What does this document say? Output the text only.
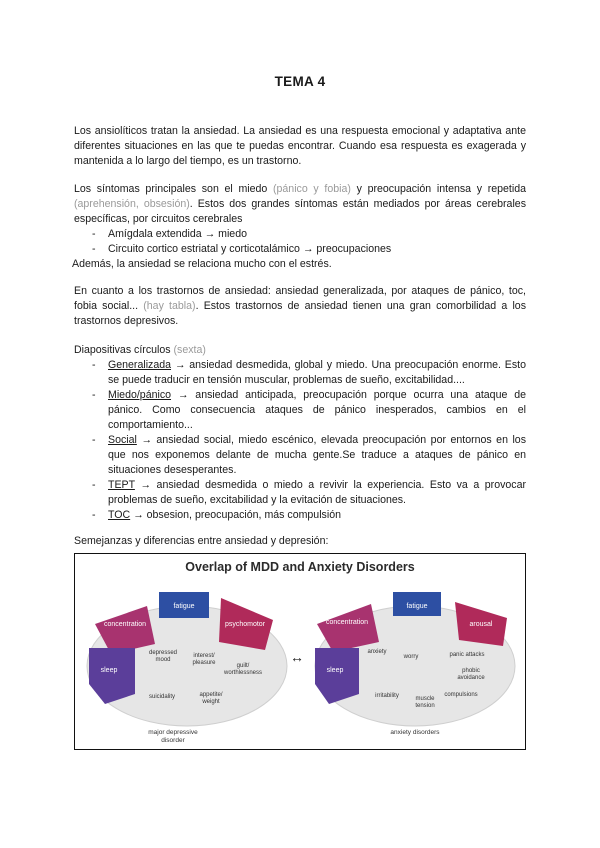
TEMA 4
Los ansiolíticos tratan la ansiedad. La ansiedad es una respuesta emocional y adaptativa ante diferentes situaciones en las que te puedas encontrar. Cuando esa respuesta es exagerada y mantenida a lo largo del tiempo, es un trastorno.
Los síntomas principales son el miedo (pánico y fobia) y preocupación intensa y repetida (aprehensión, obsesión). Estos dos grandes síntomas están mediados por áreas cerebrales específicas, por circuitos cerebrales
- Amígdala extendida → miedo
- Circuito cortico estriatal y corticotalámico → preocupaciones
Además, la ansiedad se relaciona mucho con el estrés.
En cuanto a los trastornos de ansiedad: ansiedad generalizada, por ataques de pánico, toc, fobia social... (hay tabla). Estos trastornos de ansiedad tienen una gran comorbilidad a los trastornos depresivos.
Diapositivas círculos (sexta)
- Generalizada → ansiedad desmedida, global y miedo. Una preocupación enorme. Esto se puede traducir en tensión muscular, problemas de sueño, excitabilidad....
- Miedo/pánico → ansiedad anticipada, preocupación porque ocurra una ataque de pánico. Como consecuencia ataques de pánico inesperados, cambios en el comportamiento...
- Social → ansiedad social, miedo escénico, elevada preocupación por entornos en los que nos exponemos delante de mucha gente.Se traduce a ataques de pánico en situaciones desesperantes.
- TEPT → ansiedad desmedida o miedo a revivir la experiencia. Esto va a provocar problemas de sueño, excitabilidad y la evitación de situaciones.
- TOC → obsesion, preocupación, más compulsión
Semejanzas y diferencias entre ansiedad y depresión:
Overlap of MDD and Anxiety Disorders
concentration
fatigue
psychomotor
sleep
depressed
mood
interest/
pleasure	guilt/
worthlessness
suicidality	appetite/
weight
major depressive
disorder
↔
concentration
fatigue
arousal
sleep
anxiety
worry	panic attacks
phobic
avoidance
irritability	muscle
tension
compulsions
anxiety disorders
